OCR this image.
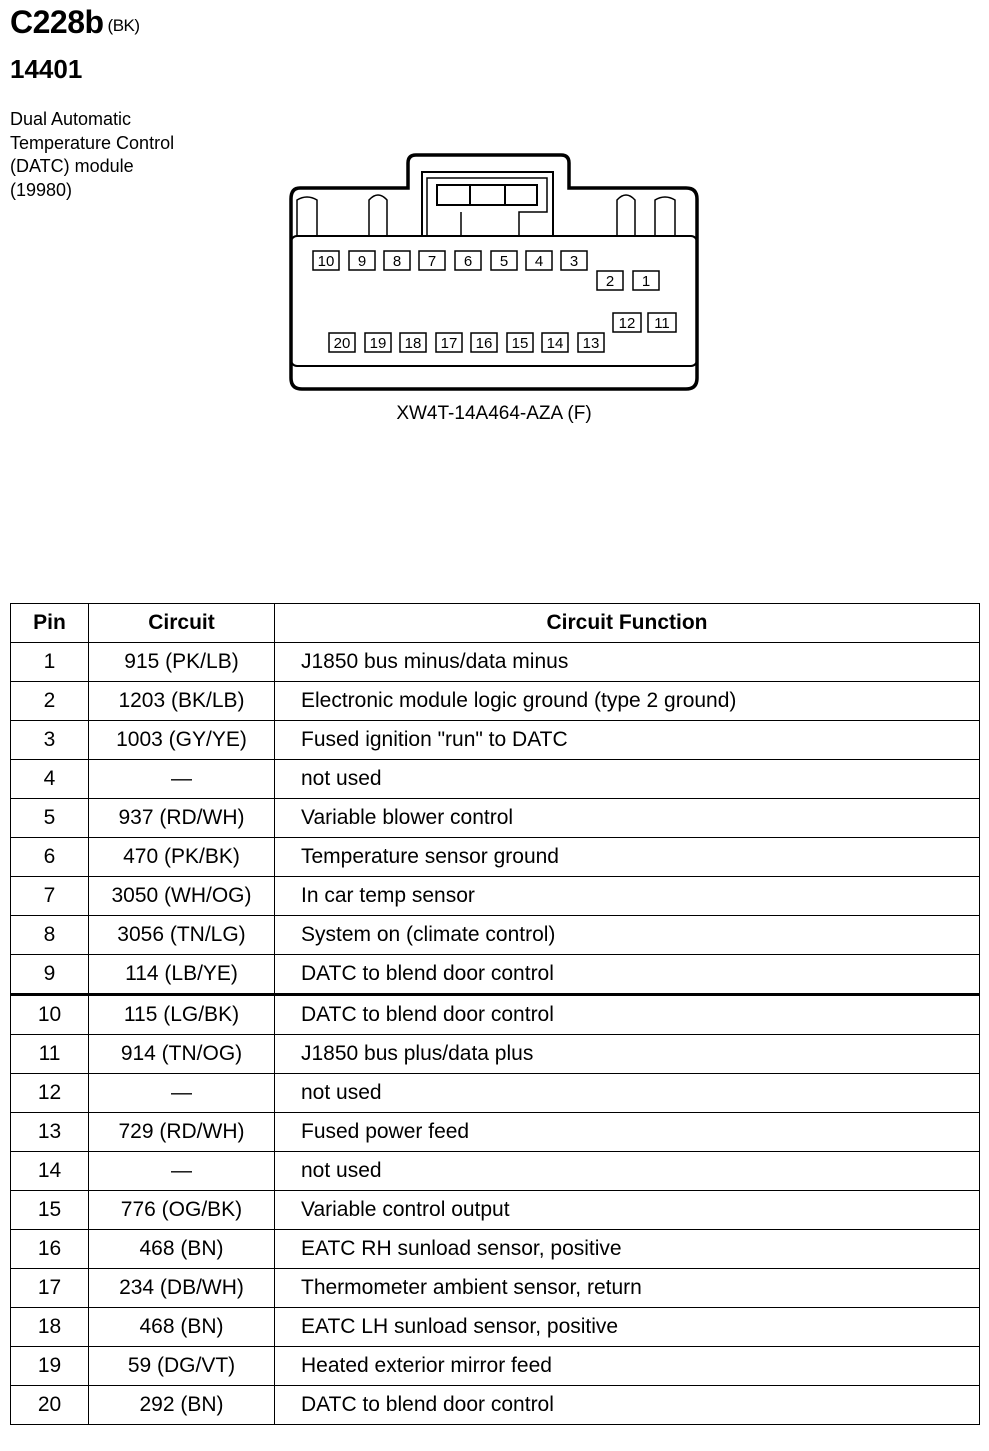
C228b $^{(BK)}$
14401
Dual Automatic
Temperature Control
(DATC) module
(19980)
10 9 8 7 6 5 4 3
2 1
12 11
20 19 18 17 16 15 14 13
XW4T-14A464-AZA (F)
Pin	Circuit	Circuit Function
1	915 (PK/LB)	J1850 bus minus/data minus
2	1203 (BK/LB)	Electronic module logic ground (type 2 ground)
3	1003 (GY/YE)	Fused ignition "run" to DATC
4	—	not used
5	937 (RD/WH)	Variable blower control
6	470 (PK/BK)	Temperature sensor ground
7	3050 (WH/OG)	In car temp sensor
8	3056 (TN/LG)	System on (climate control)
9	114 (LB/YE)	DATC to blend door control
10	115 (LG/BK)	DATC to blend door control
11	914 (TN/OG)	J1850 bus plus/data plus
12	—	not used
13	729 (RD/WH)	Fused power feed
14	—	not used
15	776 (OG/BK)	Variable control output
16	468 (BN)	EATC RH sunload sensor, positive
17	234 (DB/WH)	Thermometer ambient sensor, return
18	468 (BN)	EATC LH sunload sensor, positive
19	59 (DG/VT)	Heated exterior mirror feed
20	292 (BN)	DATC to blend door control
